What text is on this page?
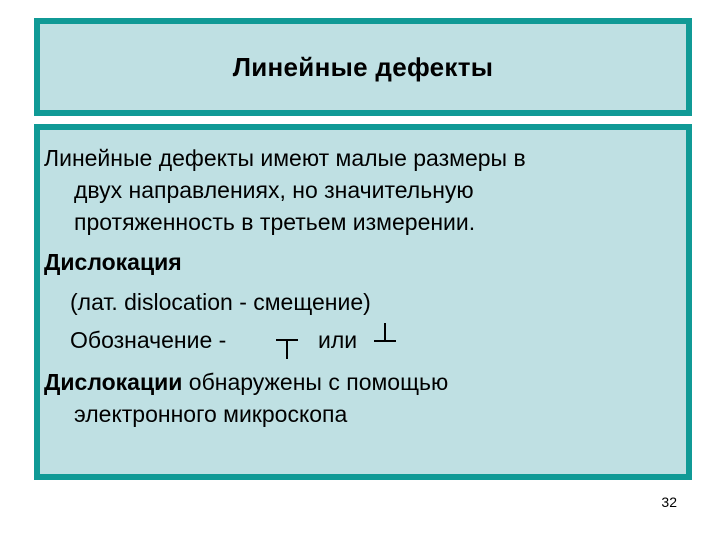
Линейные дефекты
Линейные дефекты имеют малые размеры в
двух направлениях, но значительную
протяженность в третьем измерении.
Дислокация
(лат. dislocation - смещение)
Обозначение -	или
Дислокации обнаружены с помощью
электронного микроскопа
32
